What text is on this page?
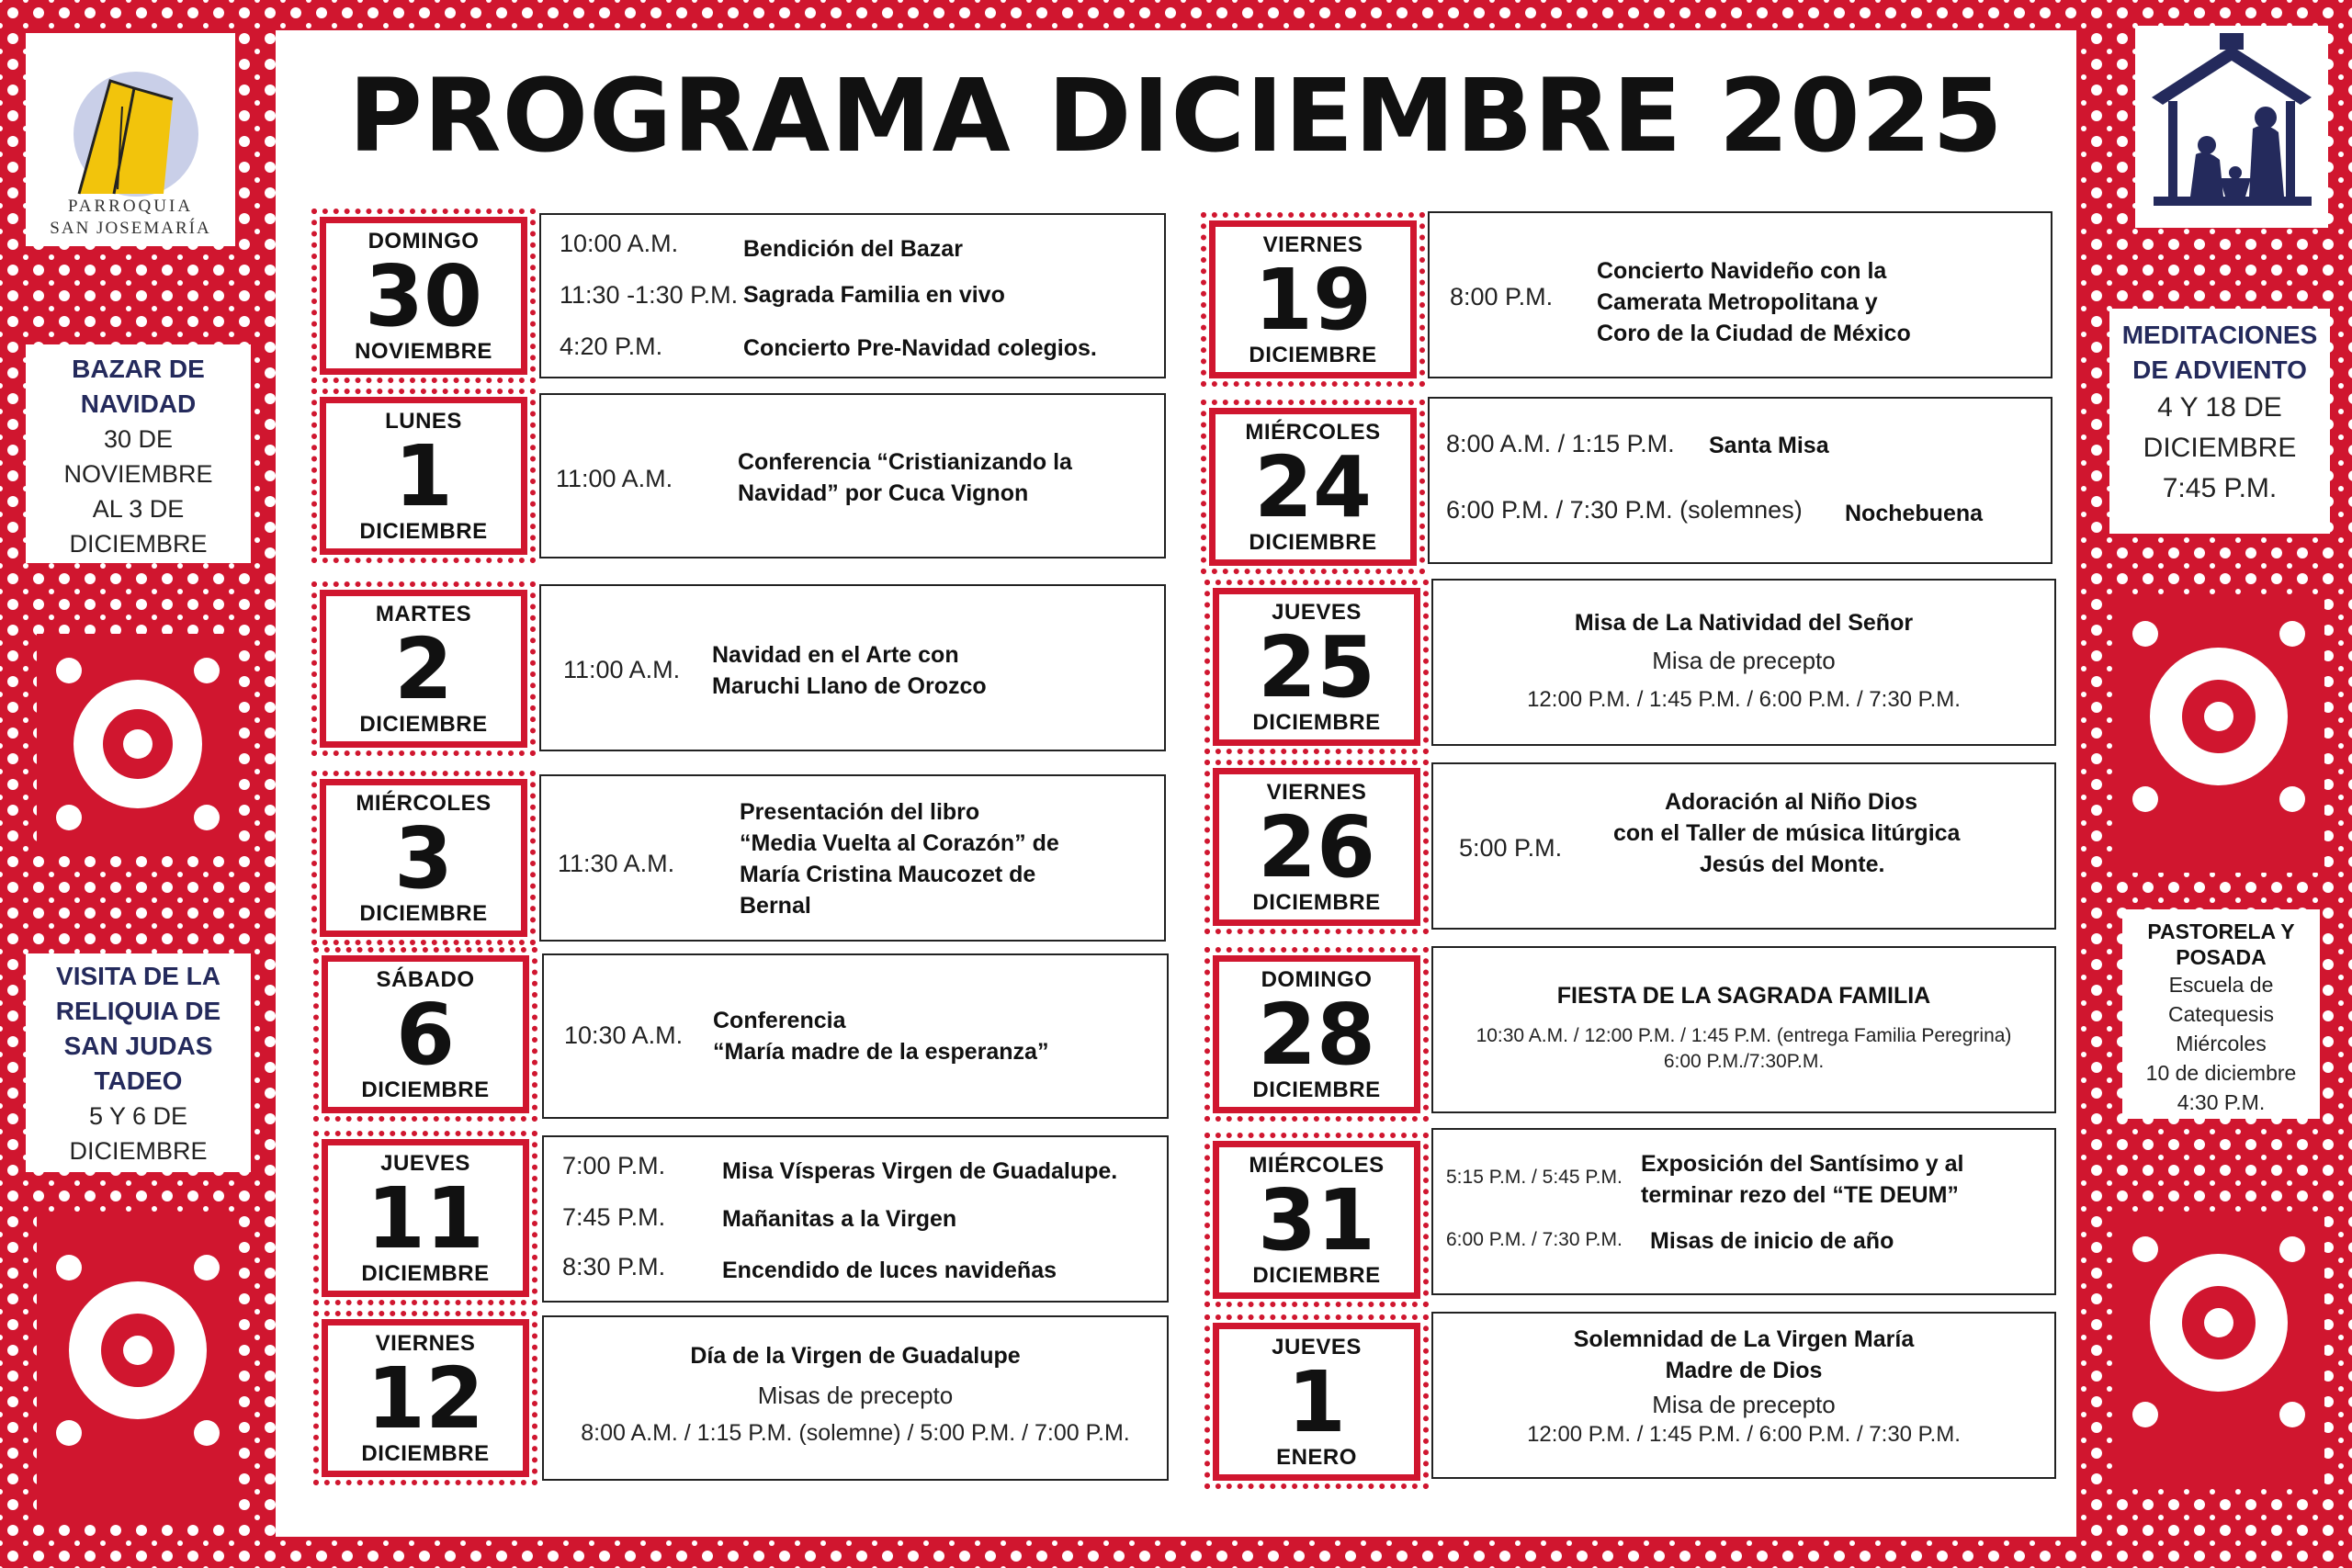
PROGRAMA DICIEMBRE 2025
PARROQUIA
SAN JOSEMARÍA
BAZAR DE
NAVIDAD
30 DE
NOVIEMBRE
AL 3 DE
DICIEMBRE
VISITA DE LA
RELIQUIA DE
SAN JUDAS
TADEO
5 Y 6 DE
DICIEMBRE
MEDITACIONES
DE ADVIENTO
4 Y 18 DE
DICIEMBRE
7:45 P.M.
PASTORELA Y
POSADA
Escuela de
Catequesis
Miércoles
10 de diciembre
4:30 P.M.
DOMINGO
30
NOVIEMBRE
10:00 A.M.	Bendición del Bazar
11:30 -1:30 P.M. Sagrada Familia en vivo
4:20 P.M.	Concierto Pre-Navidad colegios.
LUNES
1
DICIEMBRE
11:00 A.M.
Conferencia “Cristianizando la
Navidad” por Cuca Vignon
MARTES
2
DICIEMBRE
11:00 A.M.
Navidad en el Arte con
Maruchi Llano de Orozco
MIÉRCOLES
3
DICIEMBRE
11:30 A.M.
Presentación del libro
“Media Vuelta al Corazón” de
María Cristina Maucozet de
Bernal
SÁBADO
6
DICIEMBRE
10:30 A.M.
Conferencia
“María madre de la esperanza”
JUEVES
11
DICIEMBRE
7:00 P.M. Misa Vísperas Virgen de Guadalupe.
7:45 P.M. Mañanitas a la Virgen
8:30 P.M. Encendido de luces navideñas
VIERNES
12
DICIEMBRE
Día de la Virgen de Guadalupe
Misas de precepto
8:00 A.M. / 1:15 P.M. (solemne) / 5:00 P.M. / 7:00 P.M.
VIERNES
19
DICIEMBRE
8:00 P.M.
Concierto Navideño con la
Camerata Metropolitana y
Coro de la Ciudad de México
MIÉRCOLES
24
DICIEMBRE
8:00 A.M. / 1:15 P.M. Santa Misa
6:00 P.M. / 7:30 P.M. (solemnes) Nochebuena
JUEVES
25
DICIEMBRE
Misa de La Natividad del Señor
Misa de precepto
12:00 P.M. / 1:45 P.M. / 6:00 P.M. / 7:30 P.M.
VIERNES
26
DICIEMBRE
5:00 P.M.
Adoración al Niño Dios
con el Taller de música litúrgica
Jesús del Monte.
DOMINGO
28
DICIEMBRE
FIESTA DE LA SAGRADA FAMILIA
10:30 A.M. / 12:00 P.M. / 1:45 P.M. (entrega Familia Peregrina)
6:00 P.M./7:30P.M.
MIÉRCOLES
31
DICIEMBRE
5:15 P.M. / 5:45 P.M.
Exposición del Santísimo y al
terminar rezo del “TE DEUM”
6:00 P.M. / 7:30 P.M. Misas de inicio de año
JUEVES
1
ENERO
Solemnidad de La Virgen María
Madre de Dios
Misa de precepto
12:00 P.M. / 1:45 P.M. / 6:00 P.M. / 7:30 P.M.
